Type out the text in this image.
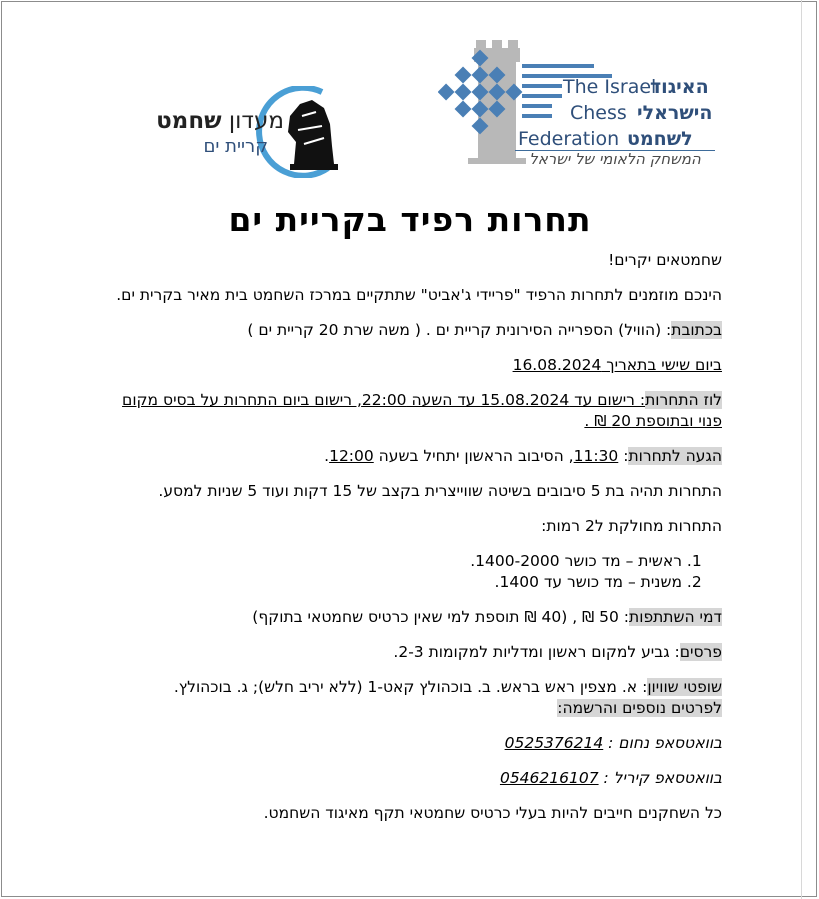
The Israel
Chess
Federation
האיגוד
הישראלי
לשחמט
המשחק הלאומי של ישראל
מעדון שחמט
קריית ים
תחרות רפיד בקריית ים

שחמטאים יקרים!

הינכם מוזמנים לתחרות הרפיד "פריידי ג'אביט" שתתקיים במרכז השחמט בית מאיר בקרית ים.

בכתובת: (הוויל) הספרייה הסירונית קריית ים . ( משה שרת 20 קריית ים )

ביום שישי בתאריך 16.08.2024

לוז התחרות: רישום עד 15.08.2024 עד השעה 22:00, רישום ביום התחרות על בסיס מקום פנוי ובתוספת 20 ₪ .

הגעה לתחרות: 11:30, הסיבוב הראשון יתחיל בשעה 12:00.

התחרות תהיה בת 5 סיבובים בשיטה שווייצרית בקצב של 15 דקות ועוד 5 שניות למסע.

התחרות מחולקת ל2 רמות:

1. ראשית – מד כושר 1400-2000.
2. משנית – מד כושר עד 1400.

דמי השתתפות: 50 ₪ , (40 ₪ תוספת למי שאין כרטיס שחמטאי בתוקף)

פרסים: גביע למקום ראשון ומדליות למקומות 2-3.

שופטי שוויון: א. מצפין ראש בראש. ב. בוכהולץ קאט-1 (ללא יריב חלש); ג. בוכהולץ.

לפרטים נוספים והרשמה:

בוואטסאפ נחום : 0525376214

בוואטסאפ קיריל : 0546216107

כל השחקנים חייבים להיות בעלי כרטיס שחמטאי תקף מאיגוד השחמט.
